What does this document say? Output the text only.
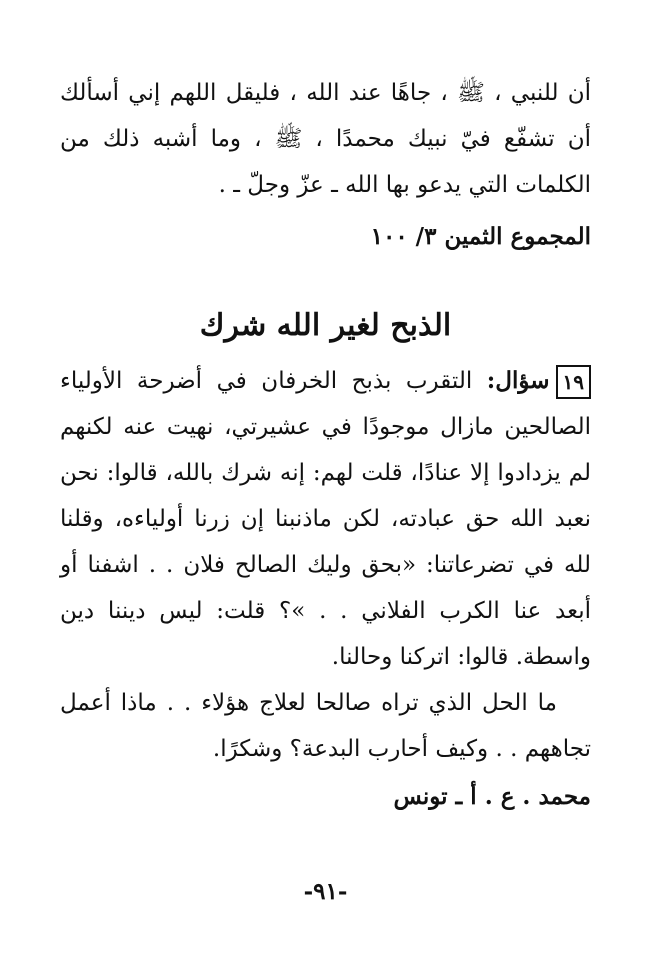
أن للنبي ، ﷺ ، جاهًا عند الله ، فليقل اللهم إني أسألك أن تشفّع فيّ نبيك محمدًا ، ﷺ ، وما أشبه ذلك من الكلمات التي يدعو بها الله ـ عزّ وجلّ ـ .

المجموع الثمين ٣/ ١٠٠

الذبح لغير الله شرك

١٩سؤال: التقرب بذبح الخرفان في أضرحة الأولياء الصالحين مازال موجودًا في عشيرتي، نهيت عنه لكنهم لم يزدادوا إلا عنادًا، قلت لهم: إنه شرك بالله، قالوا: نحن نعبد الله حق عبادته، لكن ماذنبنا إن زرنا أولياءه، وقلنا لله في تضرعاتنا: «بحق وليك الصالح فلان . . اشفنا أو أبعد عنا الكرب الفلاني . . »؟ قلت: ليس ديننا دين واسطة. قالوا: اتركنا وحالنا.

ما الحل الذي تراه صالحا لعلاج هؤلاء . . ماذا أعمل تجاههم . . وكيف أحارب البدعة؟ وشكرًا.

محمد . ع . أ ـ تونس

-٩١-
